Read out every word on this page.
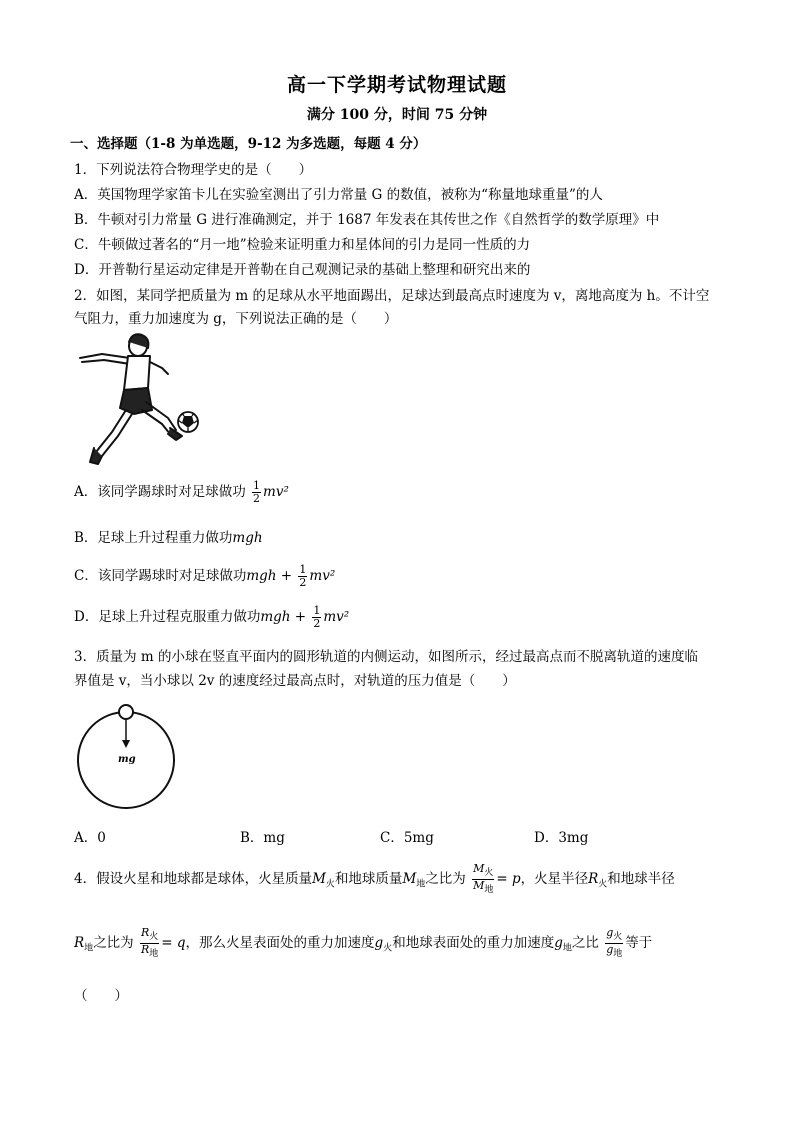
高一下学期考试物理试题
满分 100 分，时间 75 分钟
一、选择题（1-8 为单选题，9-12 为多选题，每题 4 分）
1．下列说法符合物理学史的是（　　）
A．英国物理学家笛卡儿在实验室测出了引力常量 G 的数值，被称为“称量地球重量”的人
B．牛顿对引力常量 G 进行准确测定，并于 1687 年发表在其传世之作《自然哲学的数学原理》中
C．牛顿做过著名的“月一地”检验来证明重力和星体间的引力是同一性质的力
D．开普勒行星运动定律是开普勒在自己观测记录的基础上整理和研究出来的
2．如图，某同学把质量为 m 的足球从水平地面踢出，足球达到最高点时速度为 v，离地高度为 h。不计空
气阻力，重力加速度为 g，下列说法正确的是（　　）
A．该同学踢球时对足球做功 $\frac{1}{2} mv^2$
B．足球上升过程重力做功mgh
C．该同学踢球时对足球做功mgh + $\frac{1}{2} mv^2$
D．足球上升过程克服重力做功mgh + $\frac{1}{2} mv^2$
3．质量为 m 的小球在竖直平面内的圆形轨道的内侧运动，如图所示，经过最高点而不脱离轨道的速度临
界值是 v，当小球以 2v 的速度经过最高点时，对轨道的压力值是（　　）
mg
A．0	B．mg	C．5mg	D．3mg
4．假设火星和地球都是球体，火星质量$M_火$和地球质量$M_地$之比为 $\frac{M_火}{M_地} = p$，火星半径$R_火$和地球半径
$R_地$之比为 $\frac{R_火}{R_地} = q$，那么火星表面处的重力加速度$g_火$和地球表面处的重力加速度$g_地$之比 $\frac{g_火}{g_地}$ 等于
（　　）
